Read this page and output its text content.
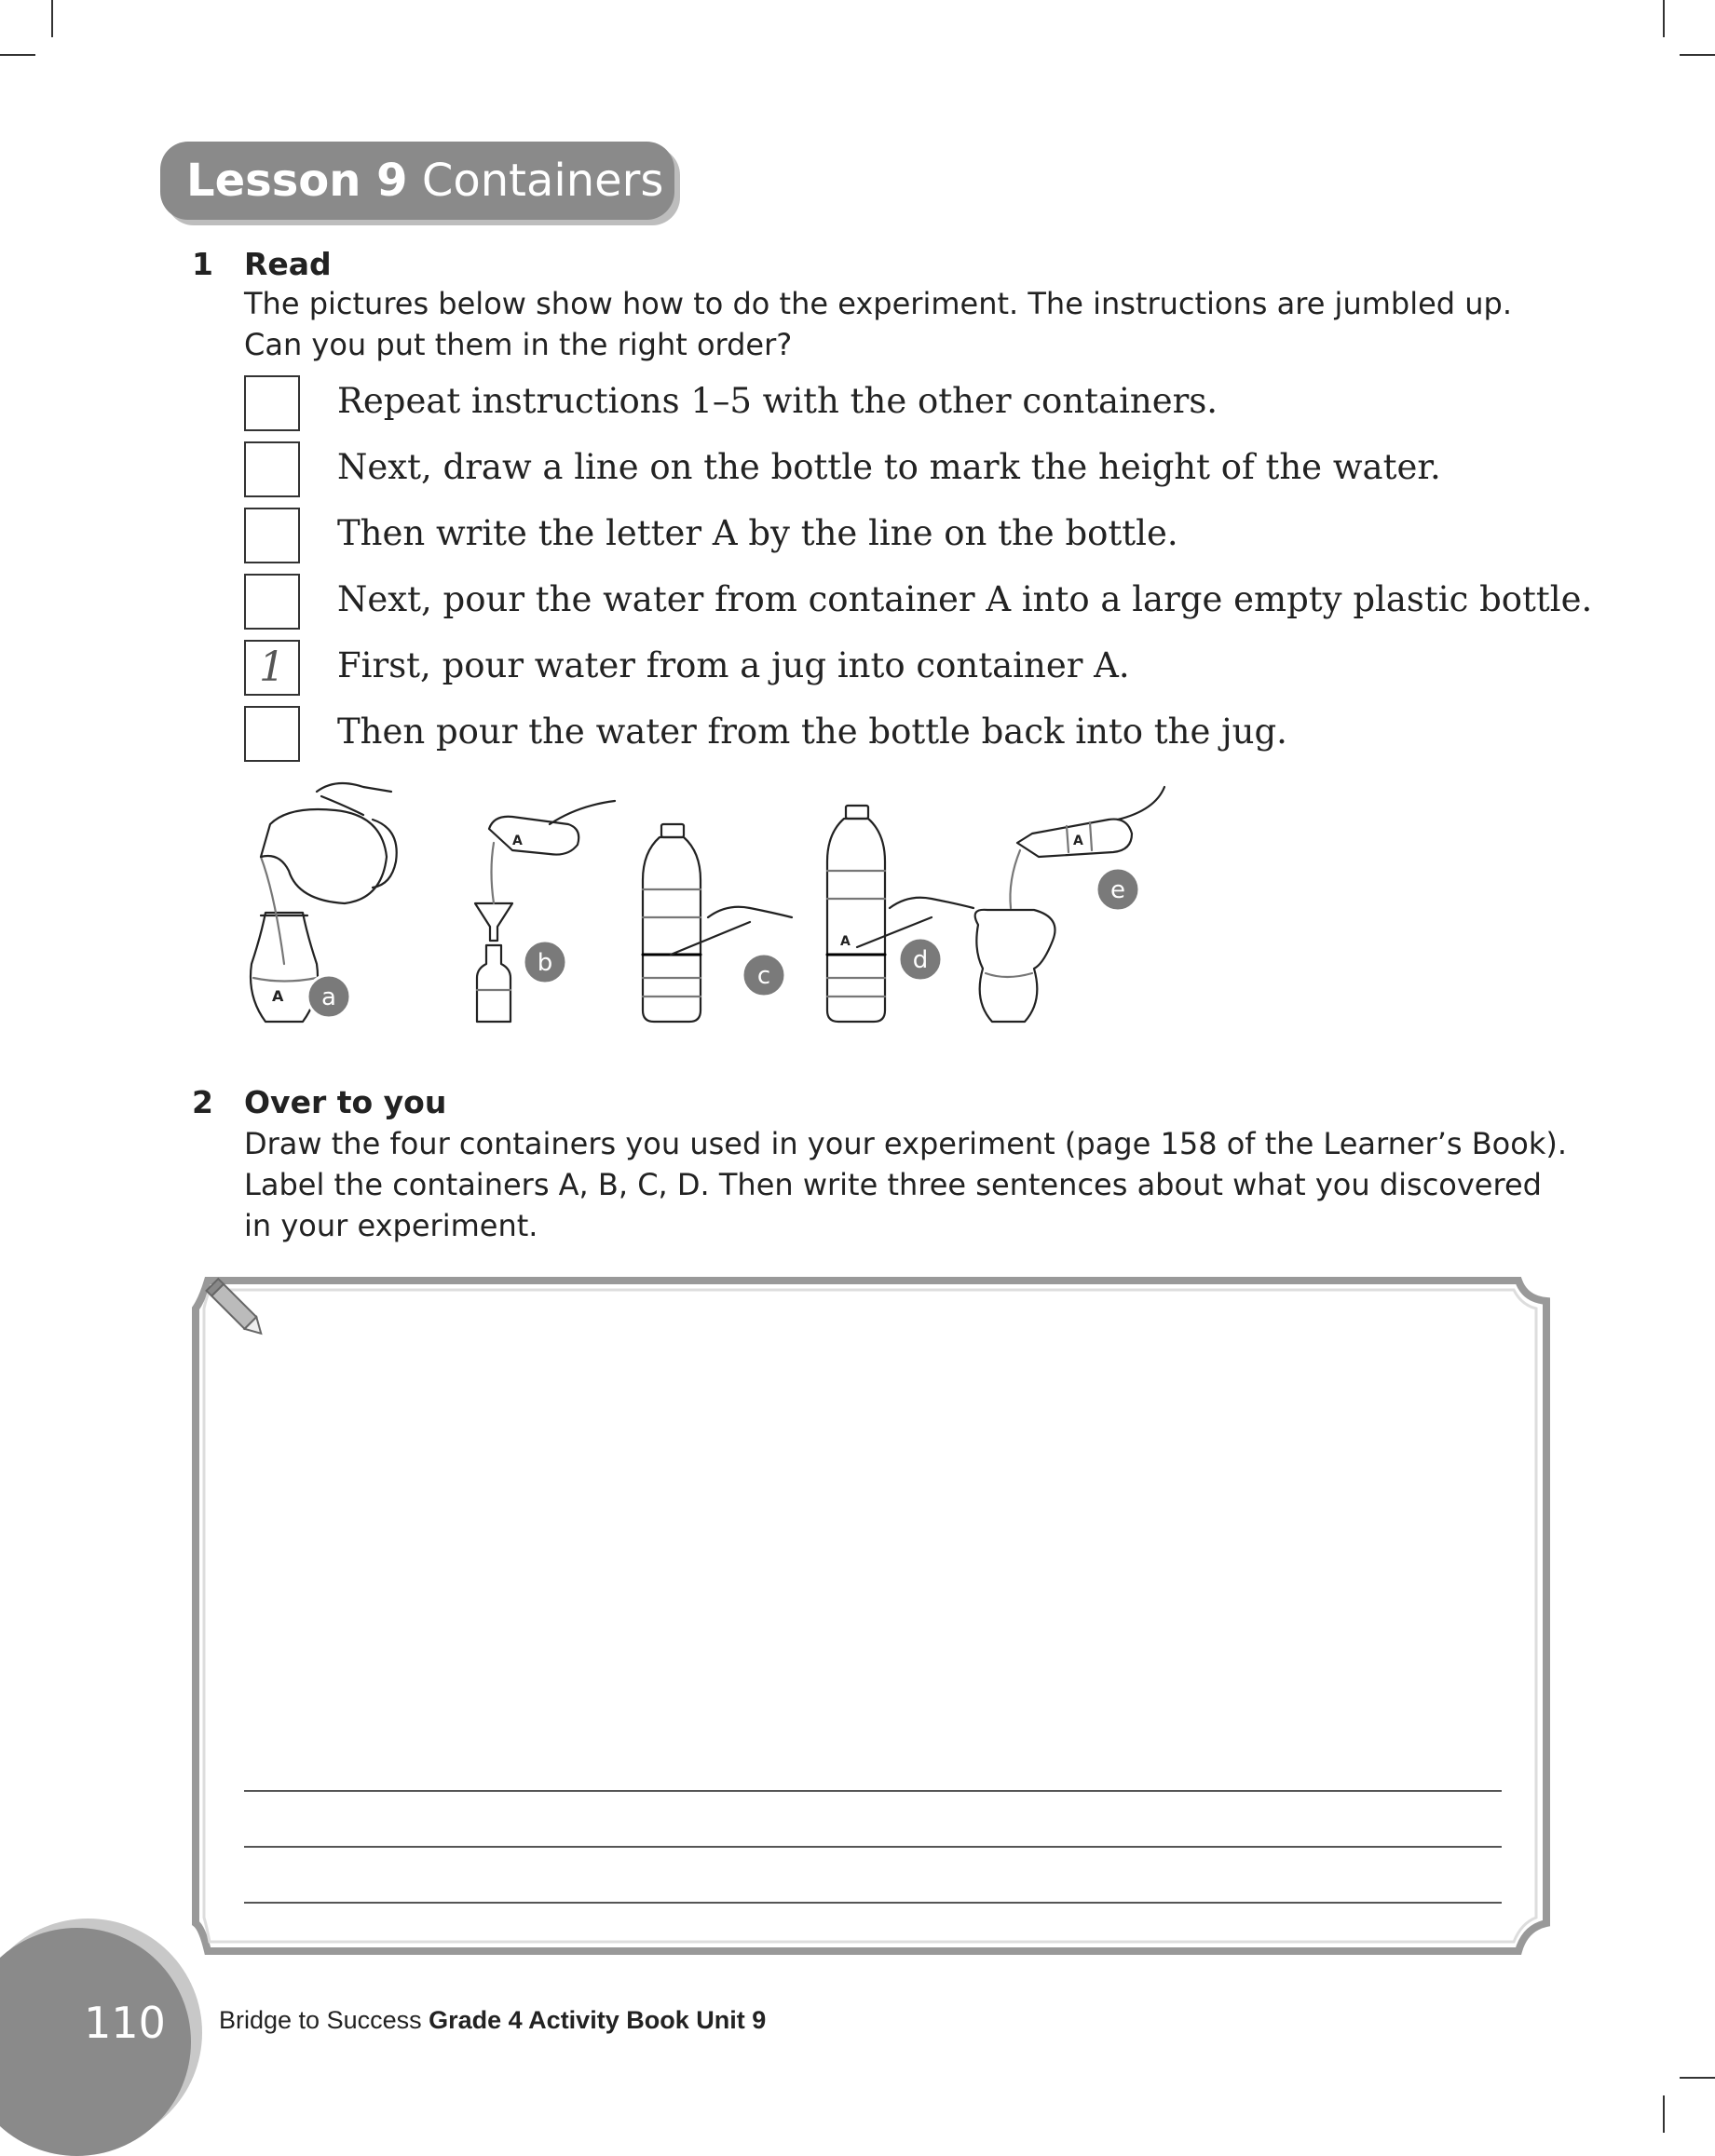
Lesson 9 Containers
1 Read
The pictures below show how to do the experiment. The instructions are jumbled up. Can you put them in the right order?
Repeat instructions 1–5 with the other containers.
Next, draw a line on the bottle to mark the height of the water.
Then write the letter A by the line on the bottle.
Next, pour the water from container A into a large empty plastic bottle.
1	First, pour water from a jug into container A.
Then pour the water from the bottle back into the jug.
A a
A
b	c
A
d
A
e
2 Over to you
Draw the four containers you used in your experiment (page 158 of the Learner’s Book). Label the containers A, B, C, D. Then write three sentences about what you discovered in your experiment.
110 Bridge to Success Grade 4 Activity Book Unit 9
